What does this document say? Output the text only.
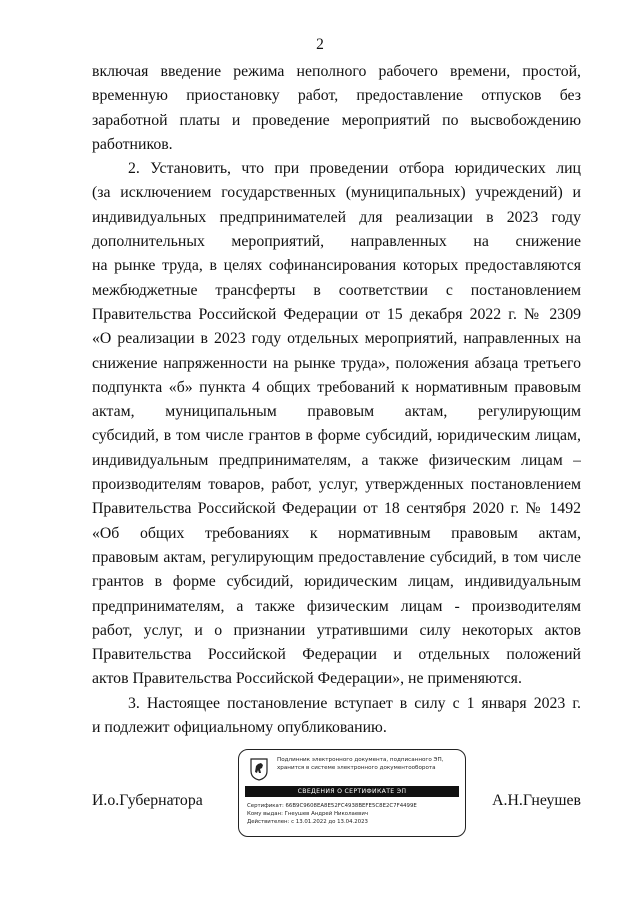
2
включая введение режима неполного рабочего времени, простой,
временную приостановку работ, предоставление отпусков без
заработной платы и проведение мероприятий по высвобождению
работников.
2. Установить, что при проведении отбора юридических лиц
(за исключением государственных (муниципальных) учреждений) и
индивидуальных предпринимателей для реализации в 2023 году
дополнительных мероприятий, направленных на снижение
на рынке труда, в целях софинансирования которых предоставляются
межбюджетные трансферты в соответствии с постановлением
Правительства Российской Федерации от 15 декабря 2022 г. № 2309
«О реализации в 2023 году отдельных мероприятий, направленных на
снижение напряженности на рынке труда», положения абзаца третьего
подпункта «б» пункта 4 общих требований к нормативным правовым
актам, муниципальным правовым актам, регулирующим
субсидий, в том числе грантов в форме субсидий, юридическим лицам,
индивидуальным предпринимателям, а также физическим лицам –
производителям товаров, работ, услуг, утвержденных постановлением
Правительства Российской Федерации от 18 сентября 2020 г. № 1492
«Об общих требованиях к нормативным правовым актам,
правовым актам, регулирующим предоставление субсидий, в том числе
грантов в форме субсидий, юридическим лицам, индивидуальным
предпринимателям, а также физическим лицам - производителям
работ, услуг, и о признании утратившими силу некоторых актов
Правительства Российской Федерации и отдельных положений
актов Правительства Российской Федерации», не применяются.
3. Настоящее постановление вступает в силу с 1 января 2023 г.
и подлежит официальному опубликованию.
И.о.Губернатора	А.Н.Гнеушев
Подлинник электронного документа, подписанного ЭП,
хранится в системе электронного документооборота
СВЕДЕНИЯ О СЕРТИФИКАТЕ ЭП
Сертификат: 66B9C9608EA8E52FC4938BEFE5C8E2C7F4499E
Кому выдан: Гнеушев Андрей Николаевич
Действителен: с 13.01.2022 до 13.04.2023
